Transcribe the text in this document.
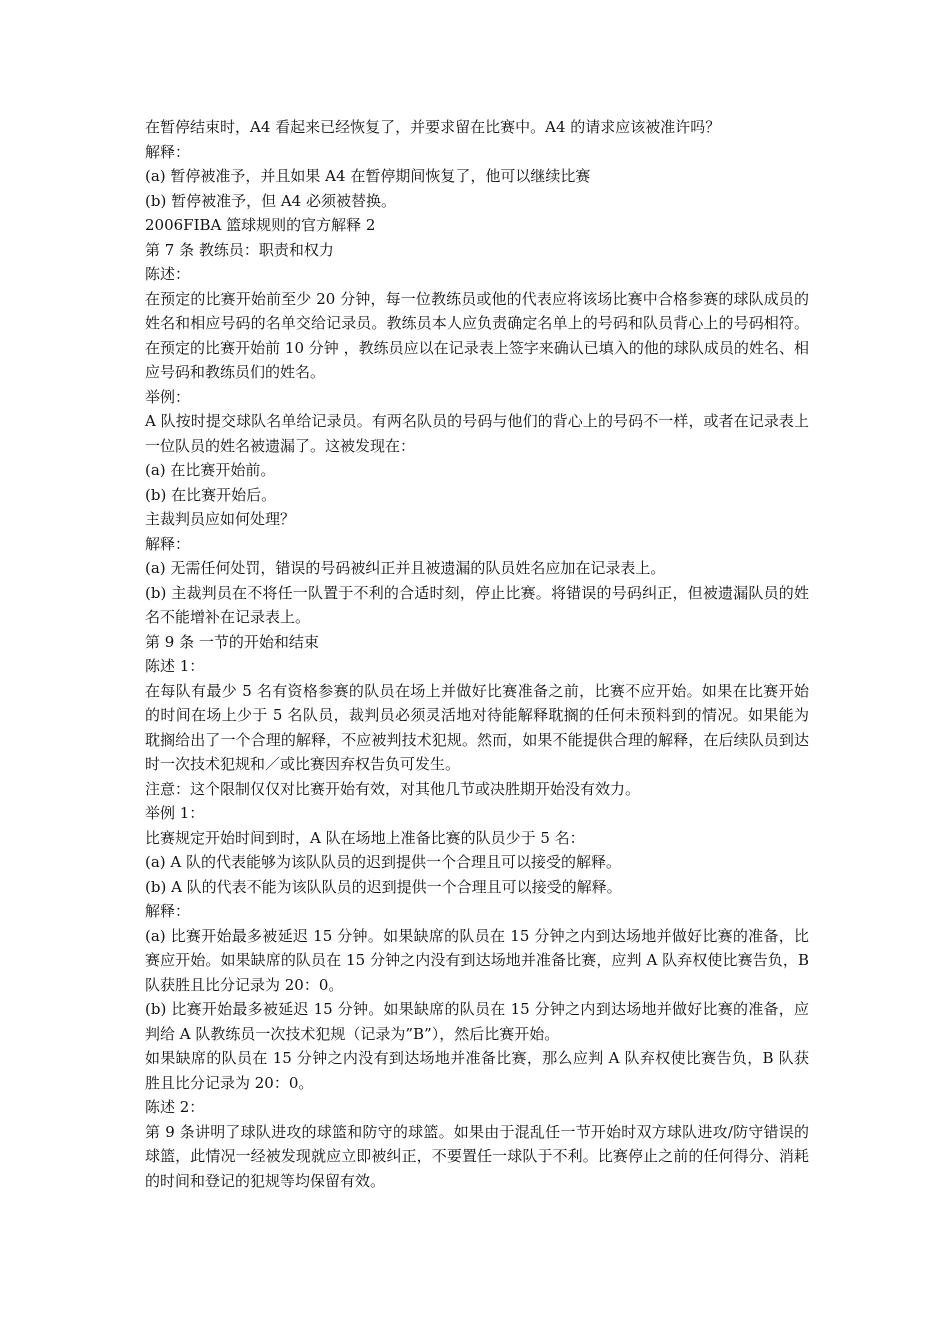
在暂停结束时，A4 看起来已经恢复了，并要求留在比赛中。A4 的请求应该被准许吗？

解释：

(a) 暂停被准予，并且如果 A4 在暂停期间恢复了，他可以继续比赛

(b) 暂停被准予，但 A4 必须被替换。

2006FIBA 篮球规则的官方解释 2

第 7 条 教练员：职责和权力

陈述：

在预定的比赛开始前至少 20 分钟，每一位教练员或他的代表应将该场比赛中合格参赛的球队成员的姓名和相应号码的名单交给记录员。教练员本人应负责确定名单上的号码和队员背心上的号码相符。在预定的比赛开始前 10 分钟 ，教练员应以在记录表上签字来确认已填入的他的球队成员的姓名、相应号码和教练员们的姓名。

举例：

A 队按时提交球队名单给记录员。有两名队员的号码与他们的背心上的号码不一样，或者在记录表上一位队员的姓名被遗漏了。这被发现在：

(a) 在比赛开始前。

(b) 在比赛开始后。

主裁判员应如何处理？

解释：

(a) 无需任何处罚，错误的号码被纠正并且被遗漏的队员姓名应加在记录表上。

(b) 主裁判员在不将任一队置于不利的合适时刻，停止比赛。将错误的号码纠正，但被遗漏队员的姓名不能增补在记录表上。

第 9 条 一节的开始和结束

陈述 1：

在每队有最少 5 名有资格参赛的队员在场上并做好比赛准备之前，比赛不应开始。如果在比赛开始的时间在场上少于 5 名队员，裁判员必须灵活地对待能解释耽搁的任何未预料到的情况。如果能为耽搁给出了一个合理的解释，不应被判技术犯规。然而，如果不能提供合理的解释，在后续队员到达时一次技术犯规和／或比赛因弃权告负可发生。

注意：这个限制仅仅对比赛开始有效，对其他几节或决胜期开始没有效力。

举例 1：

比赛规定开始时间到时，A 队在场地上准备比赛的队员少于 5 名：

(a) A 队的代表能够为该队队员的迟到提供一个合理且可以接受的解释。

(b) A 队的代表不能为该队队员的迟到提供一个合理且可以接受的解释。

解释：

(a) 比赛开始最多被延迟 15 分钟。如果缺席的队员在 15 分钟之内到达场地并做好比赛的准备，比赛应开始。如果缺席的队员在 15 分钟之内没有到达场地并准备比赛，应判 A 队弃权使比赛告负，B 队获胜且比分记录为 20：0。

(b) 比赛开始最多被延迟 15 分钟。如果缺席的队员在 15 分钟之内到达场地并做好比赛的准备，应判给 A 队教练员一次技术犯规（记录为”B”），然后比赛开始。

如果缺席的队员在 15 分钟之内没有到达场地并准备比赛，那么应判 A 队弃权使比赛告负，B 队获胜且比分记录为 20：0。

陈述 2：

第 9 条讲明了球队进攻的球篮和防守的球篮。如果由于混乱任一节开始时双方球队进攻/防守错误的球篮，此情况一经被发现就应立即被纠正，不要置任一球队于不利。比赛停止之前的任何得分、消耗的时间和登记的犯规等均保留有效。
